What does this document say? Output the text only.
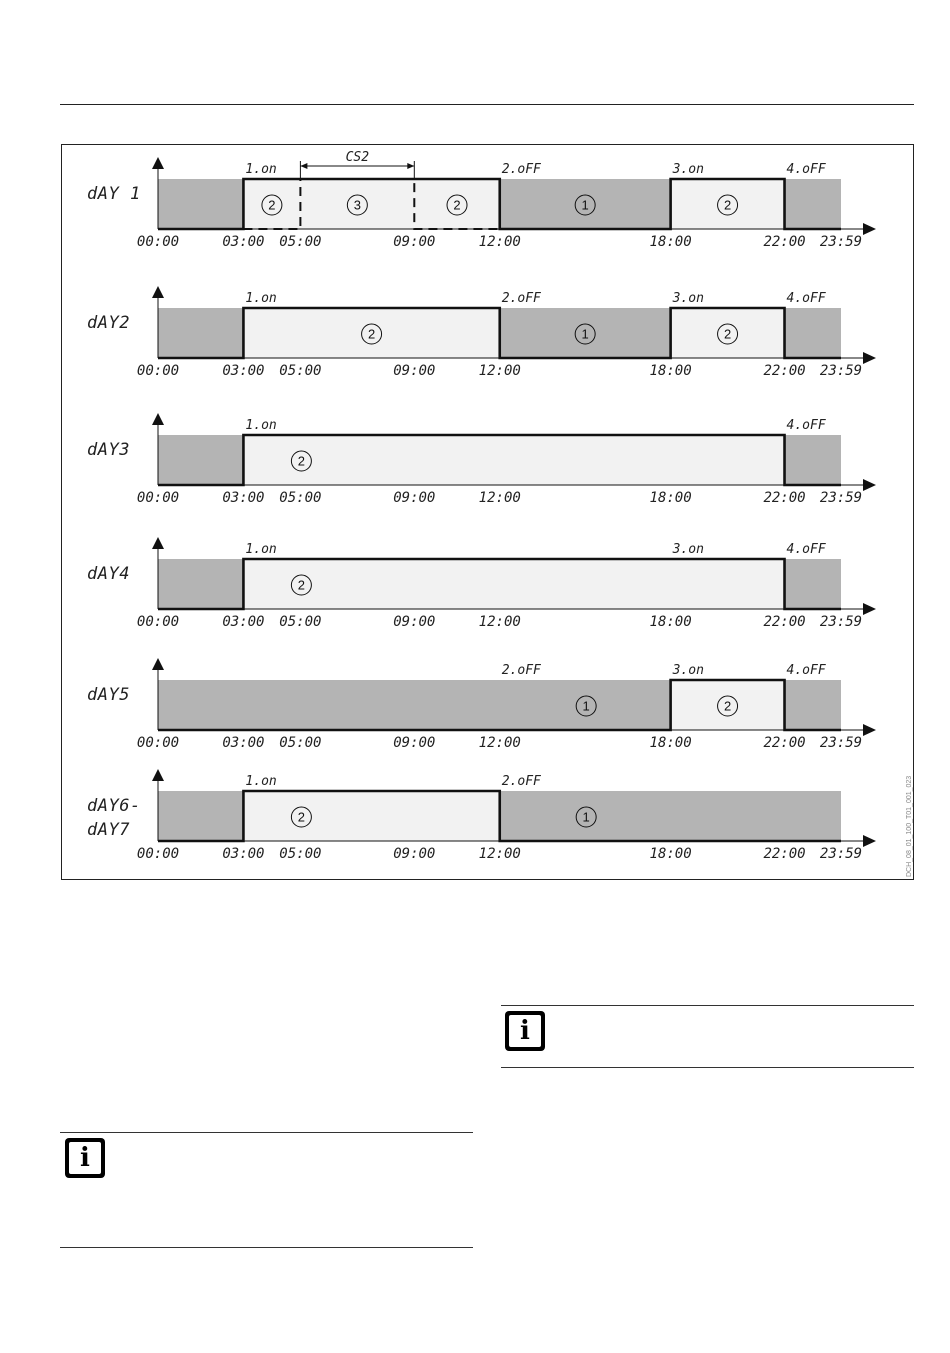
CS2
00:00	03:00 05:00	09:00	12:00	18:00	22:00 23:59
1.on	2.oFF	3.on	4.oFF
2	3	2	1	2
dAY 1
00:00	03:00 05:00	09:00	12:00	18:00	22:00 23:59
1.on	2.oFF	3.on	4.oFF
2	1	2
dAY2
00:00	03:00 05:00	09:00	12:00	18:00	22:00 23:59
1.on	4.oFF
2
dAY3
00:00	03:00 05:00	09:00	12:00	18:00	22:00 23:59
1.on	3.on	4.oFF
2
dAY4
00:00	03:00 05:00	09:00	12:00	18:00	22:00 23:59
2.oFF	3.on	4.oFF
1	2
dAY5
00:00	03:00 05:00	09:00	12:00	18:00	22:00 23:59
1.on	2.oFF
2	1
dAY6-
dAY7	DCH_08_01_100_T01_001_023
i
i
